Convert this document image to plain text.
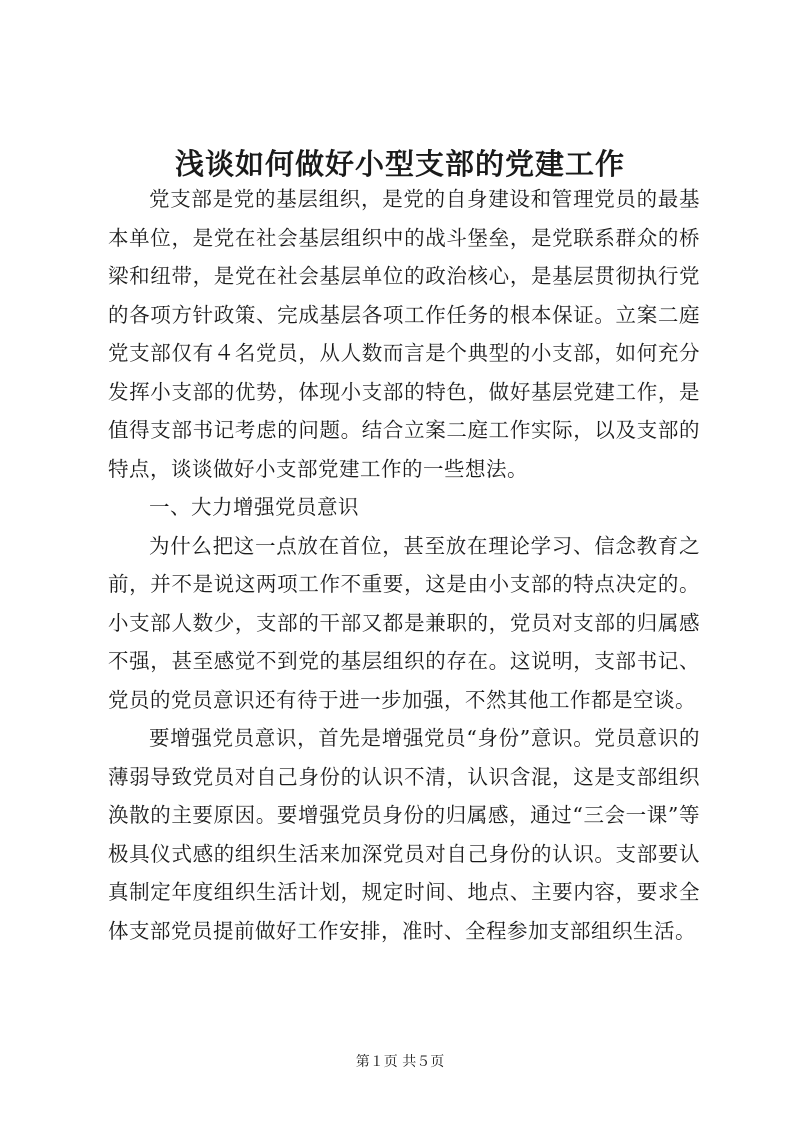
浅谈如何做好小型支部的党建工作

党支部是党的基层组织，是党的自身建设和管理党员的最基本单位，是党在社会基层组织中的战斗堡垒，是党联系群众的桥梁和纽带，是党在社会基层单位的政治核心，是基层贯彻执行党的各项方针政策、完成基层各项工作任务的根本保证。立案二庭党支部仅有４名党员，从人数而言是个典型的小支部，如何充分发挥小支部的优势，体现小支部的特色，做好基层党建工作，是值得支部书记考虑的问题。结合立案二庭工作实际，以及支部的特点，谈谈做好小支部党建工作的一些想法。

一、大力增强党员意识

为什么把这一点放在首位，甚至放在理论学习、信念教育之前，并不是说这两项工作不重要，这是由小支部的特点决定的。小支部人数少，支部的干部又都是兼职的，党员对支部的归属感不强，甚至感觉不到党的基层组织的存在。这说明，支部书记、党员的党员意识还有待于进一步加强，不然其他工作都是空谈。

要增强党员意识，首先是增强党员“身份”意识。党员意识的薄弱导致党员对自己身份的认识不清，认识含混，这是支部组织涣散的主要原因。要增强党员身份的归属感，通过“三会一课”等极具仪式感的组织生活来加深党员对自己身份的认识。支部要认真制定年度组织生活计划，规定时间、地点、主要内容，要求全体支部党员提前做好工作安排，准时、全程参加支部组织生活。

第１页 共５页
